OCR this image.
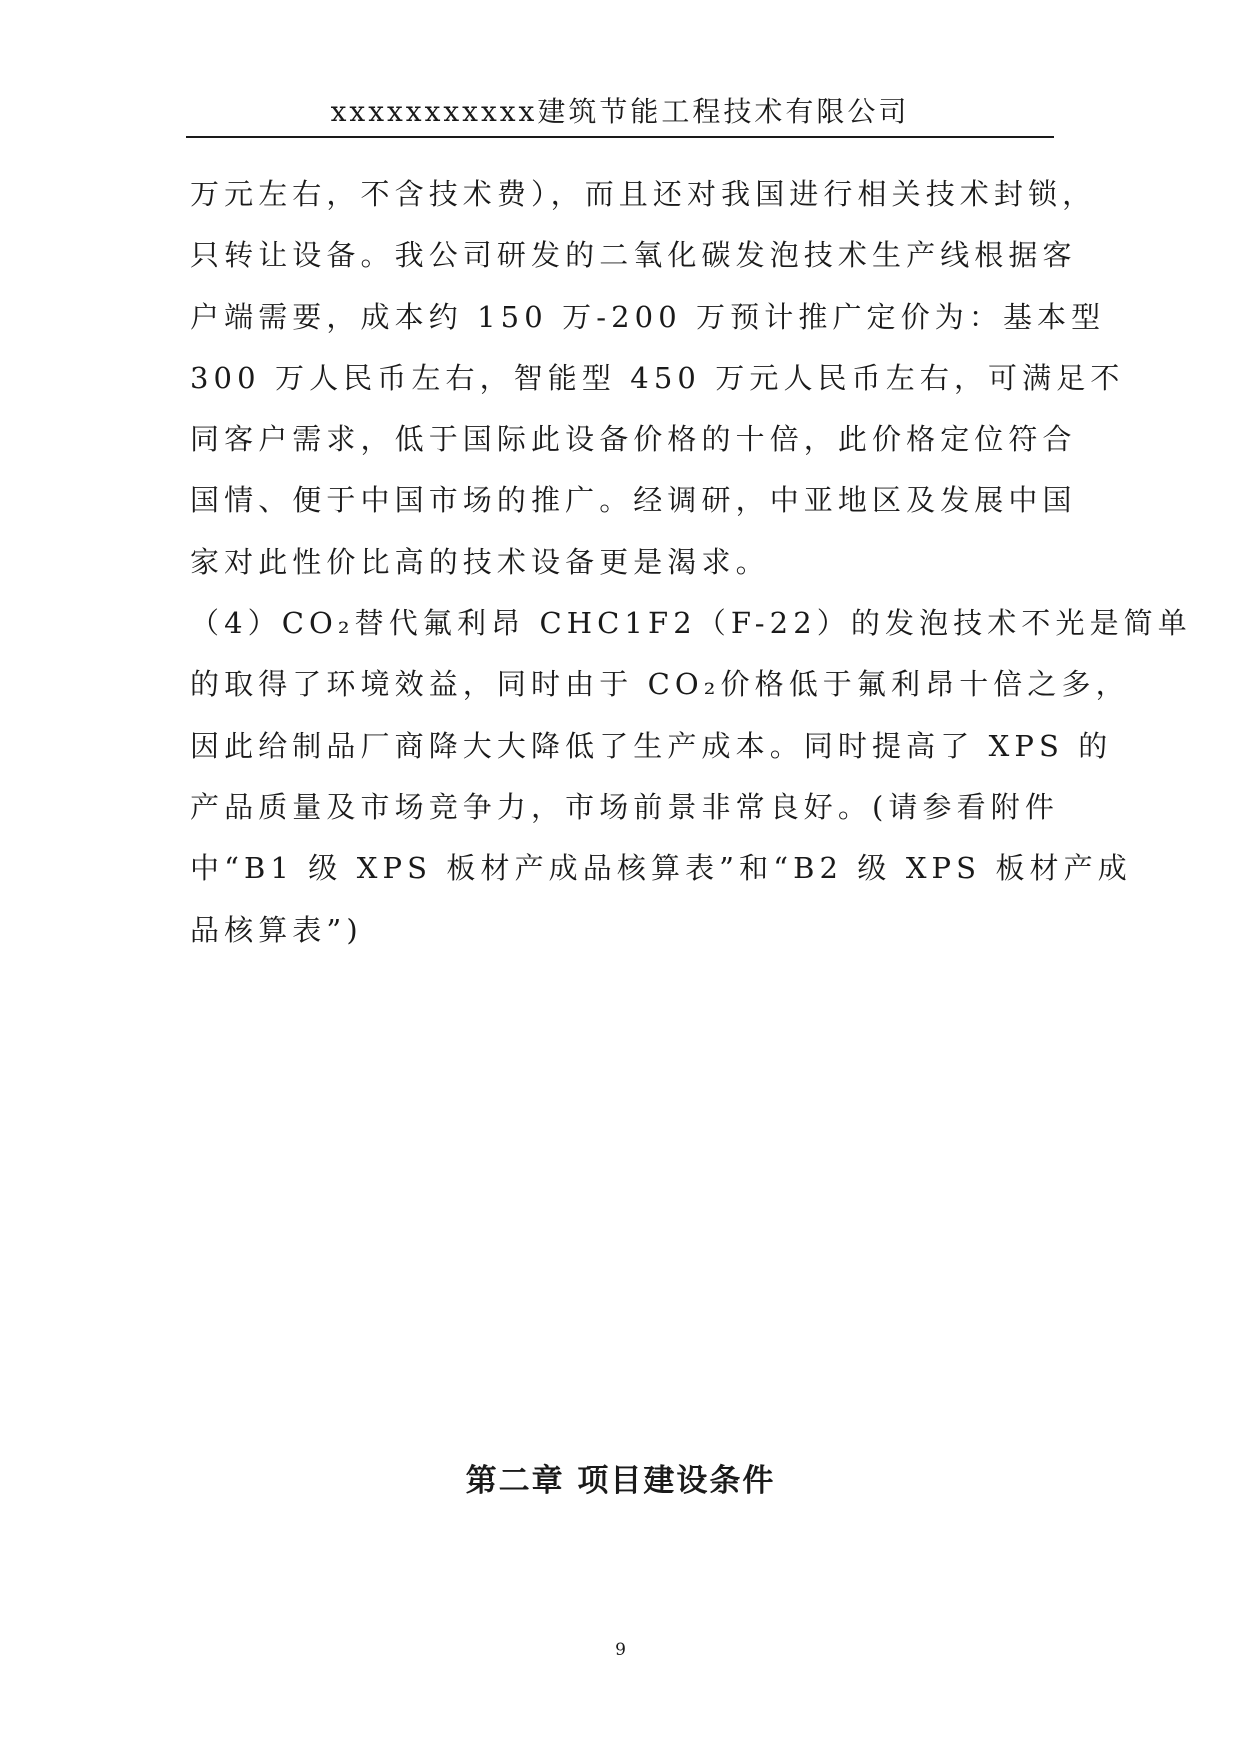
xxxxxxxxxxx建筑节能工程技术有限公司

万元左右，不含技术费），而且还对我国进行相关技术封锁，
只转让设备。我公司研发的二氧化碳发泡技术生产线根据客
户端需要，成本约 150 万-200 万预计推广定价为：基本型
300 万人民币左右，智能型 450 万元人民币左右，可满足不
同客户需求，低于国际此设备价格的十倍，此价格定位符合
国情、便于中国市场的推广。经调研，中亚地区及发展中国
家对此性价比高的技术设备更是渴求。

（4）CO₂替代氟利昂 CHC1F2（F-22）的发泡技术不光是简单
的取得了环境效益，同时由于 CO₂价格低于氟利昂十倍之多，
因此给制品厂商降大大降低了生产成本。同时提高了 XPS 的
产品质量及市场竞争力，市场前景非常良好。(请参看附件
中“B1 级 XPS 板材产成品核算表”和“B2 级 XPS 板材产成
品核算表”)

第二章 项目建设条件
9
